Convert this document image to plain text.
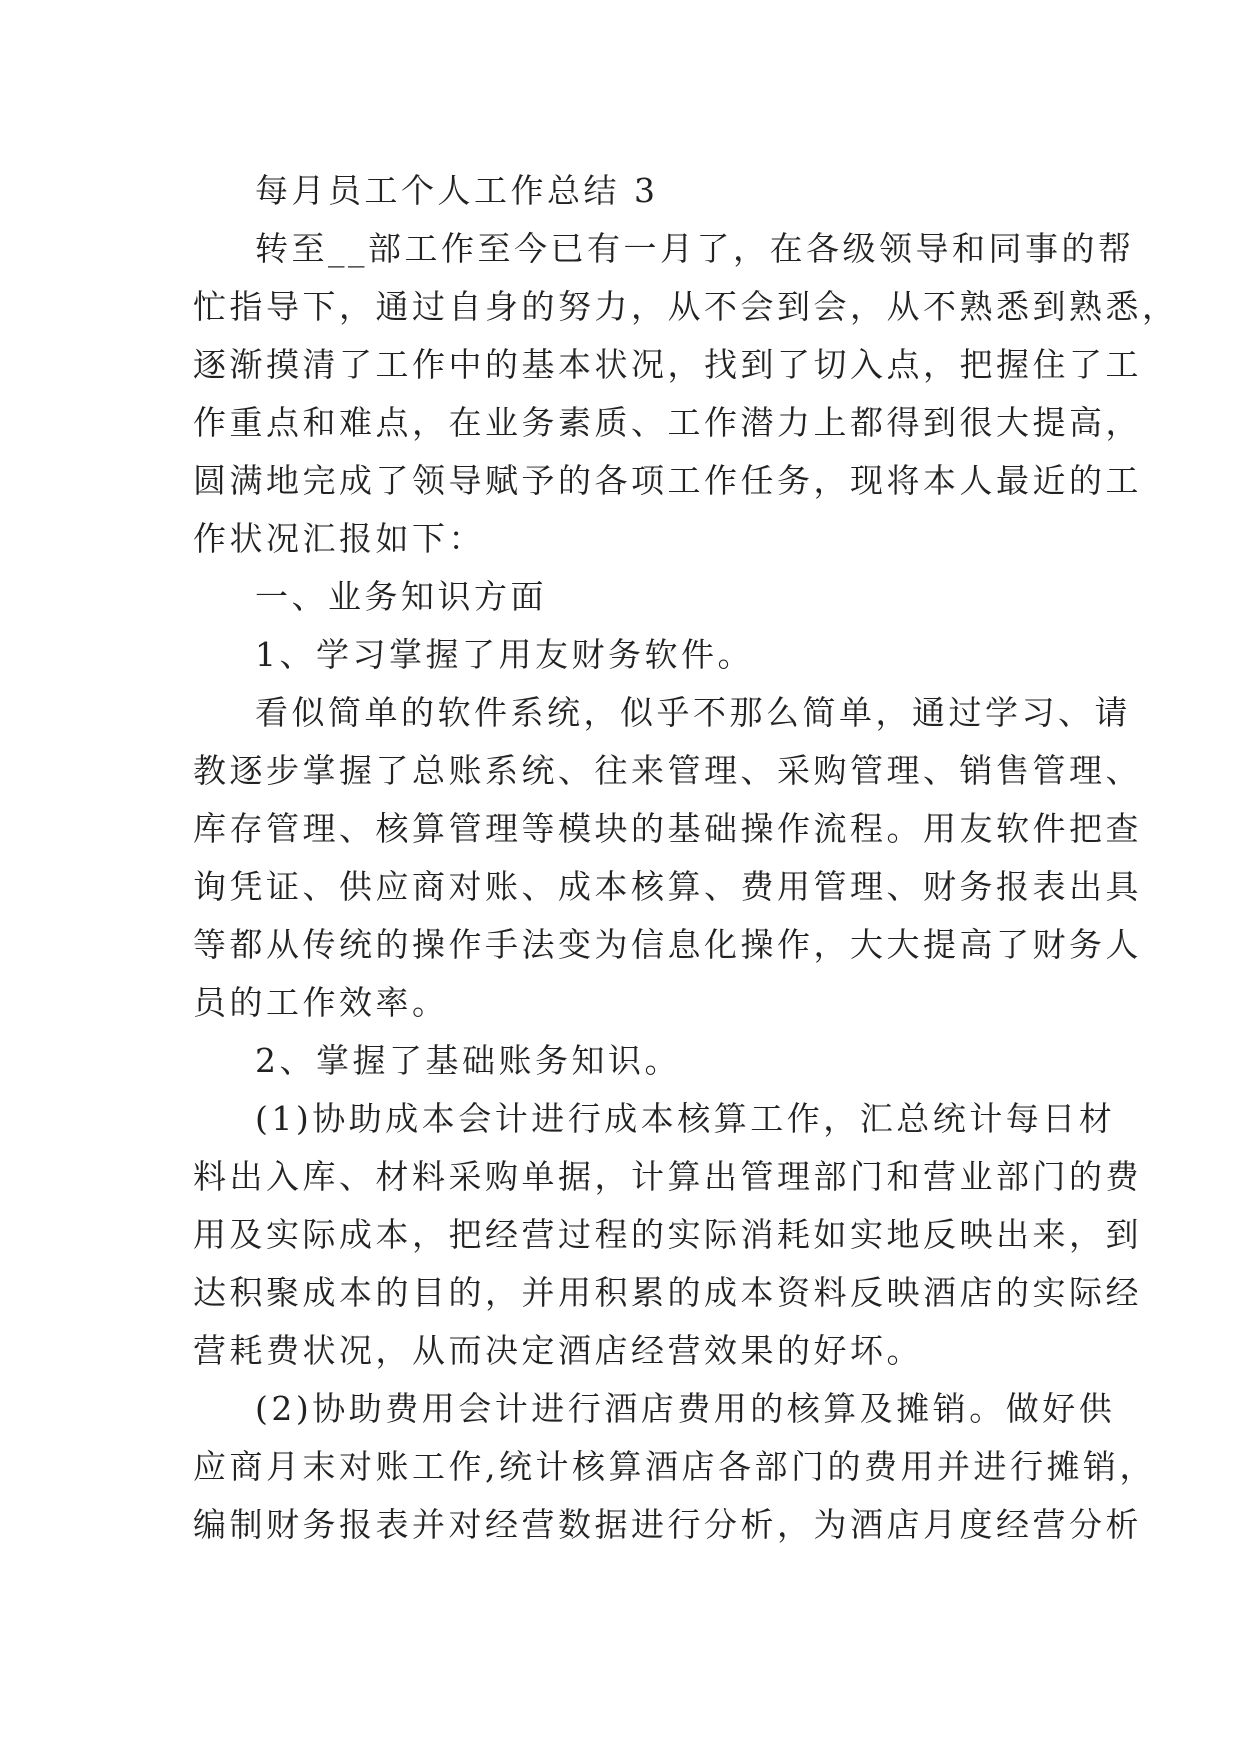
每月员工个人工作总结 3
转至__部工作至今已有一月了，在各级领导和同事的帮
忙指导下，通过自身的努力，从不会到会，从不熟悉到熟悉，
逐渐摸清了工作中的基本状况，找到了切入点，把握住了工
作重点和难点，在业务素质、工作潜力上都得到很大提高，
圆满地完成了领导赋予的各项工作任务，现将本人最近的工
作状况汇报如下：
一、业务知识方面
1、学习掌握了用友财务软件。
看似简单的软件系统，似乎不那么简单，通过学习、请
教逐步掌握了总账系统、往来管理、采购管理、销售管理、
库存管理、核算管理等模块的基础操作流程。用友软件把查
询凭证、供应商对账、成本核算、费用管理、财务报表出具
等都从传统的操作手法变为信息化操作，大大提高了财务人
员的工作效率。
2、掌握了基础账务知识。
(1)协助成本会计进行成本核算工作，汇总统计每日材
料出入库、材料采购单据，计算出管理部门和营业部门的费
用及实际成本，把经营过程的实际消耗如实地反映出来，到
达积聚成本的目的，并用积累的成本资料反映酒店的实际经
营耗费状况，从而决定酒店经营效果的好坏。
(2)协助费用会计进行酒店费用的核算及摊销。做好供
应商月末对账工作,统计核算酒店各部门的费用并进行摊销，
编制财务报表并对经营数据进行分析，为酒店月度经营分析
